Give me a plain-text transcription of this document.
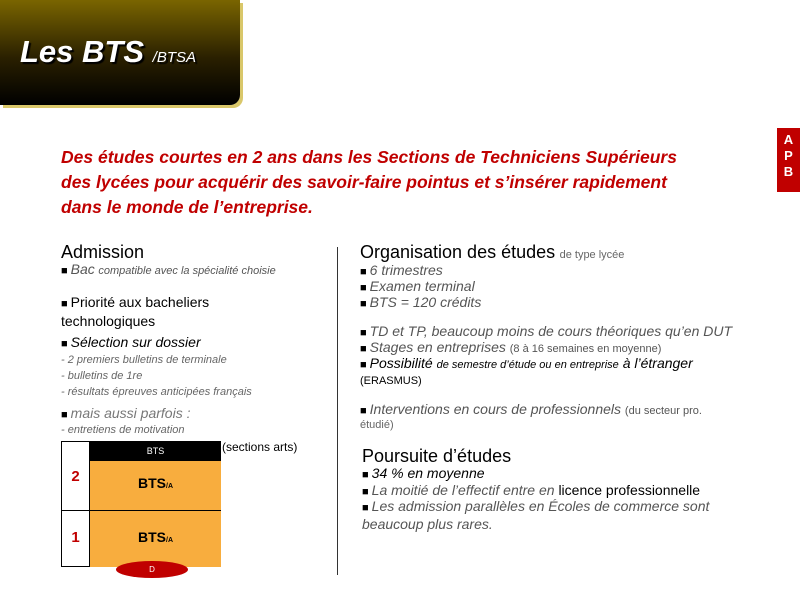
Les BTS /BTSA
A
P
B
Des études courtes en 2 ans dans les Sections de Techniciens Supérieurs des lycées pour acquérir des savoir-faire pointus et s’insérer rapidement dans le monde de l’entreprise.
Admission
■ Bac compatible avec la spécialité choisie
■ Priorité aux bacheliers technologiques
■ Sélection sur dossier
- 2 premiers bulletins de terminale
- bulletins de 1re
- résultats épreuves anticipées français
■ mais aussi parfois :
- entretiens de motivation
(sections arts)
BTS
2	BTS/A
1	BTS/A
D
Organisation des études de type lycée
■ 6 trimestres
■ Examen terminal
■ BTS = 120 crédits
■ TD et TP, beaucoup moins de cours théoriques qu’en DUT
■ Stages en entreprises (8 à 16 semaines en moyenne)
■ Possibilité de semestre d’étude ou en entreprise à l’étranger
(ERASMUS)
■ Interventions en cours de professionnels (du secteur pro.
étudié)
Poursuite d’études
■ 34 % en moyenne
■ La moitié de l’effectif entre en licence professionnelle
■ Les admission parallèles en Écoles de commerce sont beaucoup plus rares.
